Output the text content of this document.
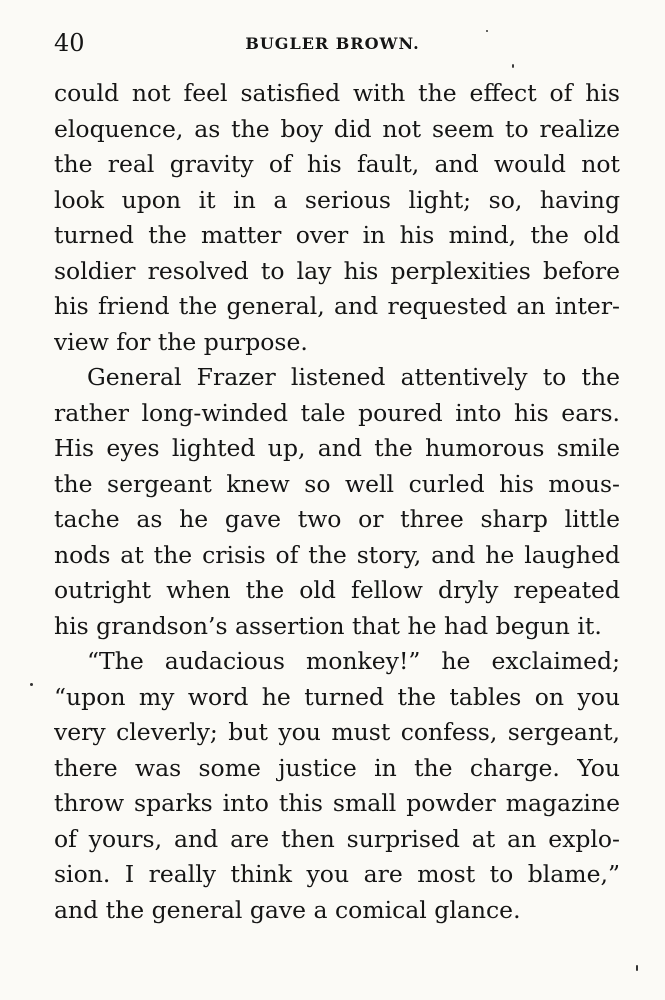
40	BUGLER BROWN.
could not feel satisfied with the effect of his
eloquence, as the boy did not seem to realize
the real gravity of his fault, and would not
look upon it in a serious light; so, having
turned the matter over in his mind, the old
soldier resolved to lay his perplexities before
his friend the general, and requested an inter-
view for the purpose.
General Frazer listened attentively to the
rather long-winded tale poured into his ears.
His eyes lighted up, and the humorous smile
the sergeant knew so well curled his mous-
tache as he gave two or three sharp little
nods at the crisis of the story, and he laughed
outright when the old fellow dryly repeated
his grandson’s assertion that he had begun it.
“The audacious monkey!” he exclaimed;
“upon my word he turned the tables on you
very cleverly; but you must confess, sergeant,
there was some justice in the charge. You
throw sparks into this small powder magazine
of yours, and are then surprised at an explo-
sion. I really think you are most to blame,”
and the general gave a comical glance.
